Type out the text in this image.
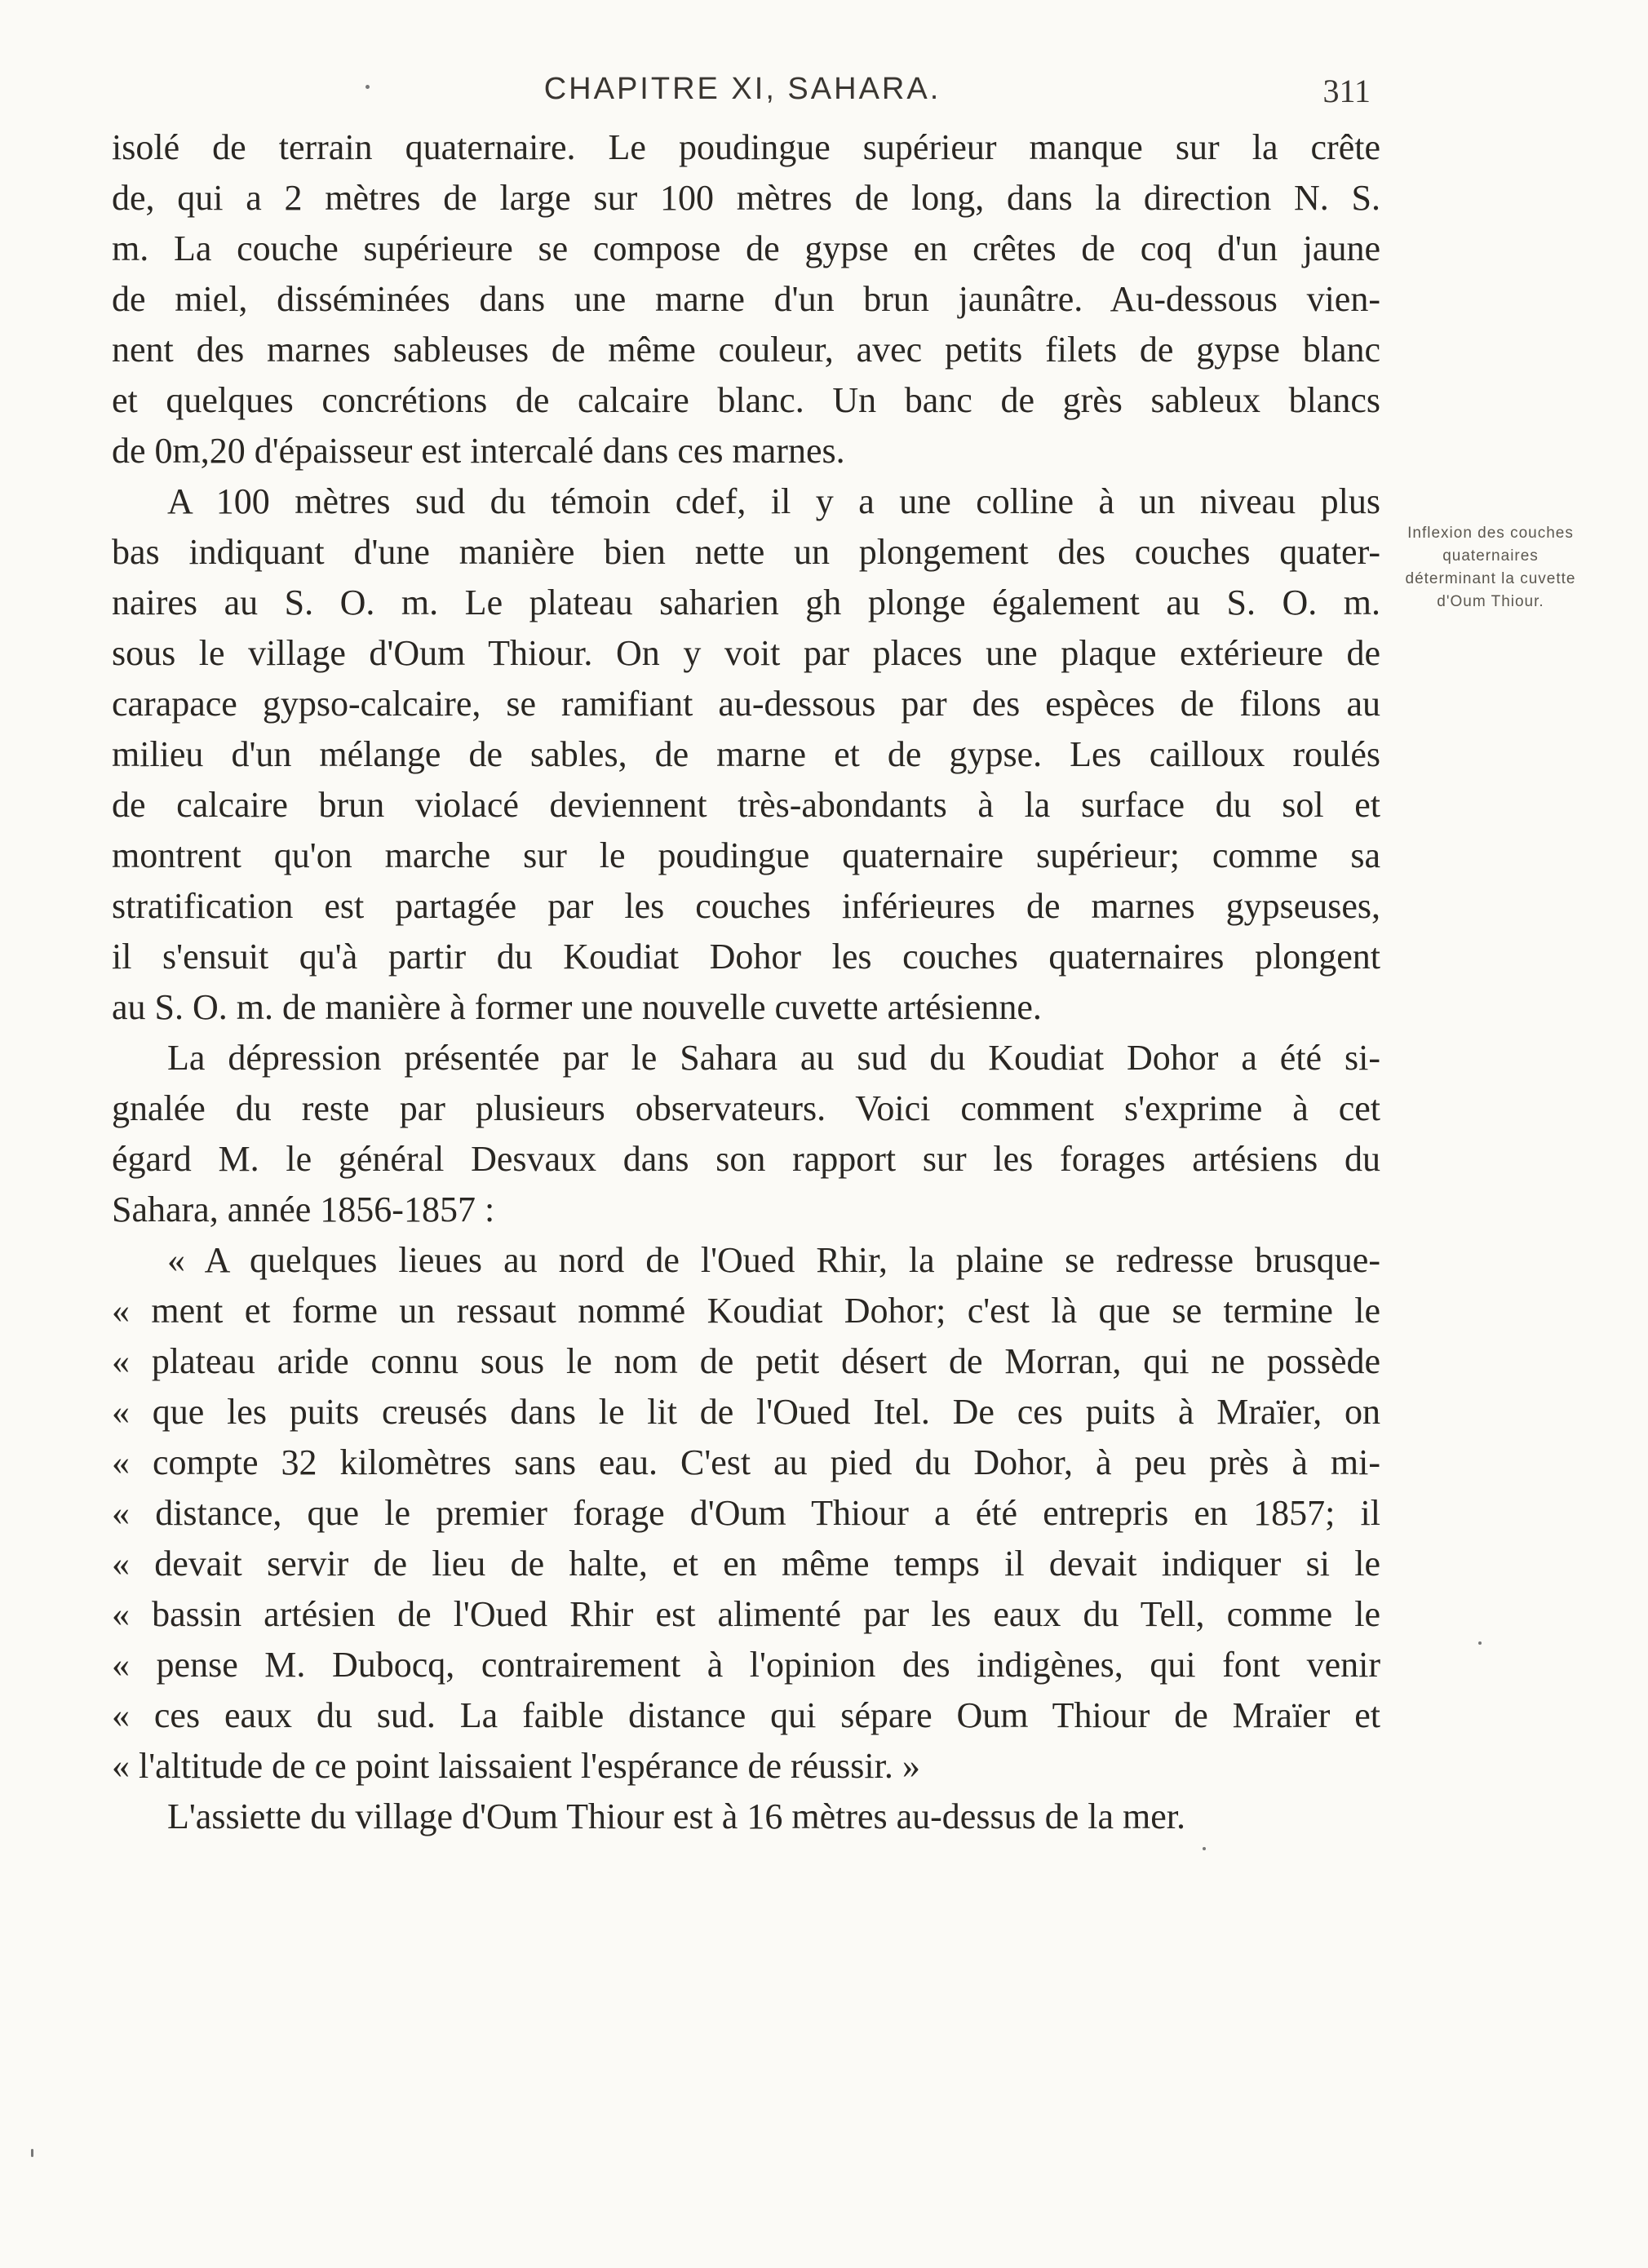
CHAPITRE XI, SAHARA.	311
isolé de terrain quaternaire. Le poudingue supérieur manque sur la crête
de, qui a 2 mètres de large sur 100 mètres de long, dans la direction N. S.
m. La couche supérieure se compose de gypse en crêtes de coq d'un jaune
de miel, disséminées dans une marne d'un brun jaunâtre. Au-dessous vien-
nent des marnes sableuses de même couleur, avec petits filets de gypse blanc
et quelques concrétions de calcaire blanc. Un banc de grès sableux blancs
de 0m,20 d'épaisseur est intercalé dans ces marnes.
A 100 mètres sud du témoin cdef, il y a une colline à un niveau plus
bas indiquant d'une manière bien nette un plongement des couches quater-
naires au S. O. m. Le plateau saharien gh plonge également au S. O. m.
sous le village d'Oum Thiour. On y voit par places une plaque extérieure de
carapace gypso-calcaire, se ramifiant au-dessous par des espèces de filons au
milieu d'un mélange de sables, de marne et de gypse. Les cailloux roulés
de calcaire brun violacé deviennent très-abondants à la surface du sol et
montrent qu'on marche sur le poudingue quaternaire supérieur; comme sa
stratification est partagée par les couches inférieures de marnes gypseuses,
il s'ensuit qu'à partir du Koudiat Dohor les couches quaternaires plongent
au S. O. m. de manière à former une nouvelle cuvette artésienne.
La dépression présentée par le Sahara au sud du Koudiat Dohor a été si-
gnalée du reste par plusieurs observateurs. Voici comment s'exprime à cet
égard M. le général Desvaux dans son rapport sur les forages artésiens du
Sahara, année 1856-1857 :
« A quelques lieues au nord de l'Oued Rhir, la plaine se redresse brusque-
« ment et forme un ressaut nommé Koudiat Dohor; c'est là que se termine le
« plateau aride connu sous le nom de petit désert de Morran, qui ne possède
« que les puits creusés dans le lit de l'Oued Itel. De ces puits à Mraïer, on
« compte 32 kilomètres sans eau. C'est au pied du Dohor, à peu près à mi-
« distance, que le premier forage d'Oum Thiour a été entrepris en 1857; il
« devait servir de lieu de halte, et en même temps il devait indiquer si le
« bassin artésien de l'Oued Rhir est alimenté par les eaux du Tell, comme le
« pense M. Dubocq, contrairement à l'opinion des indigènes, qui font venir
« ces eaux du sud. La faible distance qui sépare Oum Thiour de Mraïer et
« l'altitude de ce point laissaient l'espérance de réussir. »
L'assiette du village d'Oum Thiour est à 16 mètres au-dessus de la mer.
Inflexion des couches
quaternaires
déterminant la cuvette
d'Oum Thiour.
